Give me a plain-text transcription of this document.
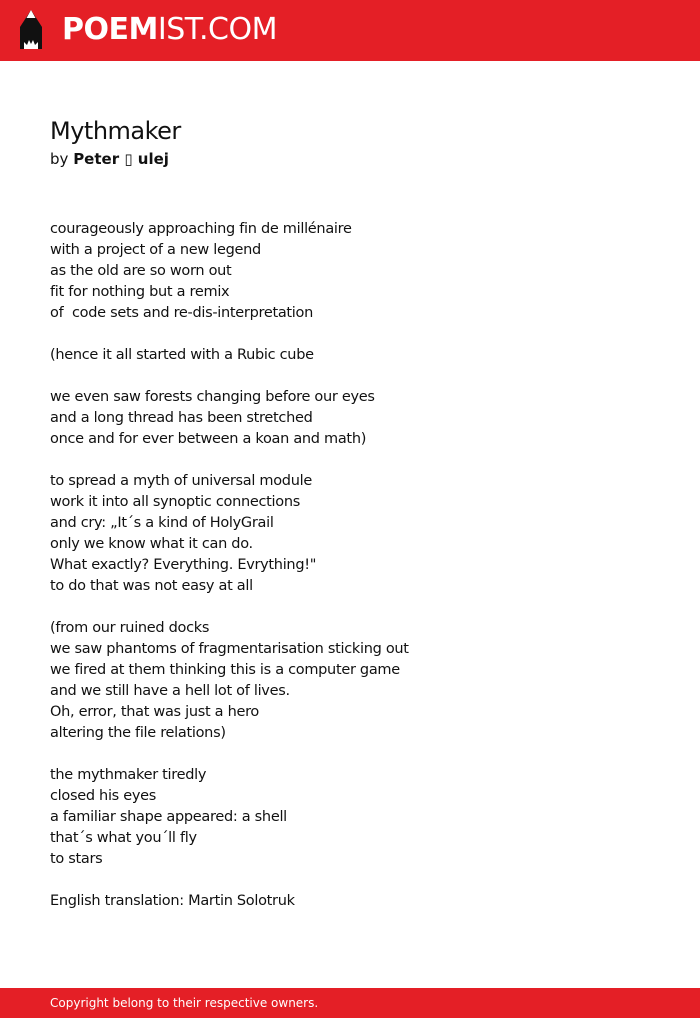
POEMIST.COM
Mythmaker
by Peter ▯ ulej
courageously approaching fin de millénaire
with a project of a new legend
as the old are so worn out
fit for nothing but a remix
of  code sets and re-dis-interpretation

(hence it all started with a Rubic cube

we even saw forests changing before our eyes
and a long thread has been stretched
once and for ever between a koan and math)

to spread a myth of universal module
work it into all synoptic connections
and cry: „It´s a kind of HolyGrail
only we know what it can do.
What exactly? Everything. Evrything!"
to do that was not easy at all

(from our ruined docks
we saw phantoms of fragmentarisation sticking out
we fired at them thinking this is a computer game
and we still have a hell lot of lives.
Oh, error, that was just a hero
altering the file relations)

the mythmaker tiredly
closed his eyes
a familiar shape appeared: a shell
that´s what you´ll fly
to stars
English translation: Martin Solotruk
Copyright belong to their respective owners.
